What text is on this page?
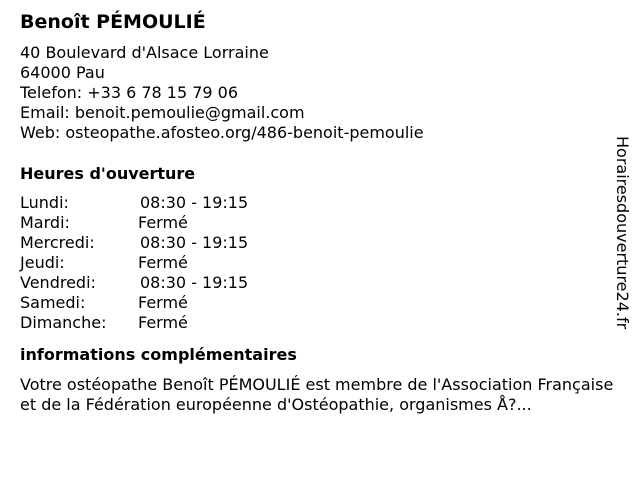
Benoît PÉMOULIÉ
40 Boulevard d'Alsace Lorraine
64000 Pau
Telefon: +33 6 78 15 79 06
Email: benoit.pemoulie@gmail.com
Web: osteopathe.afosteo.org/486-benoit-pemoulie
Heures d'ouverture
Lundi:	08:30 - 19:15
Mardi:	Fermé
Mercredi:	08:30 - 19:15
Jeudi:	Fermé
Vendredi:	08:30 - 19:15
Samedi:	Fermé
Dimanche:	Fermé
informations complémentaires

Votre ostéopathe Benoît PÉMOULIÉ est membre de l'Association Française et de la Fédération européenne d'Ostéopathie, organismes Å?...

Horairesdouverture24.fr
